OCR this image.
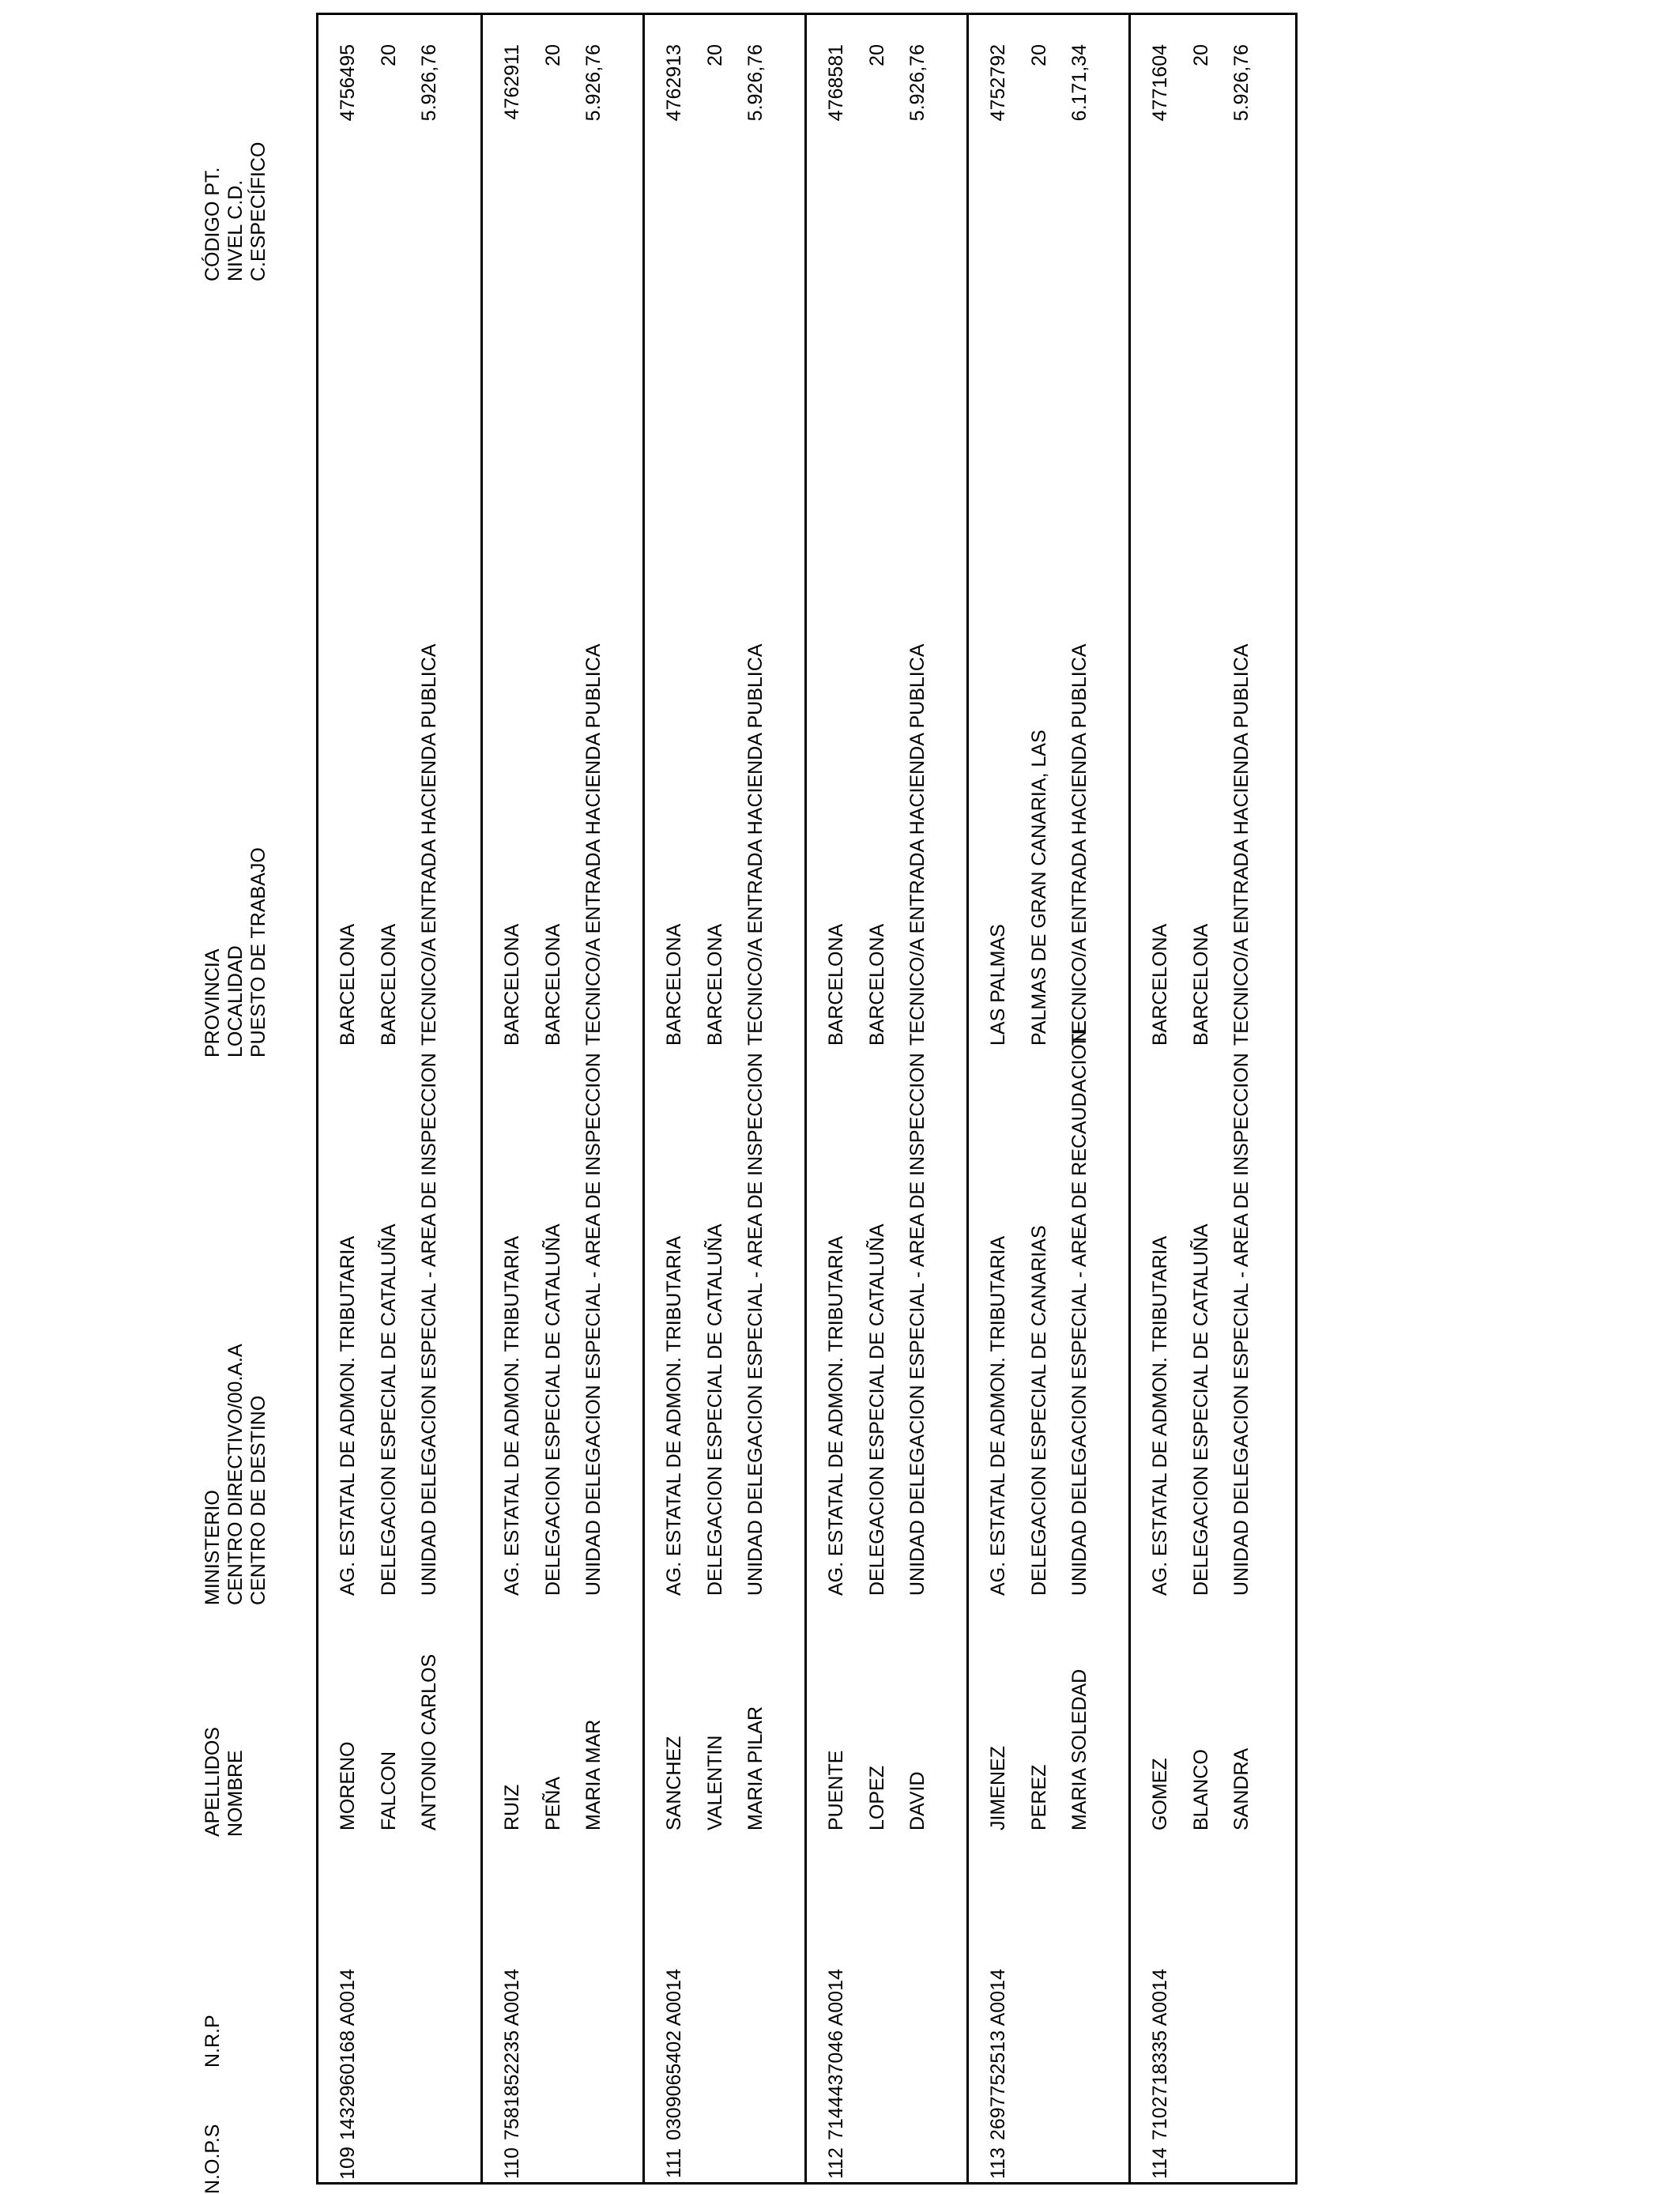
N.O.P.S
N.R.P
APELLIDOS NOMBRE
MINISTERIO CENTRO DIRECTIVO/00.A.A CENTRO DE DESTINO
PROVINCIA LOCALIDAD PUESTO DE TRABAJO
CÓDIGO PT. NIVEL C.D. C.ESPECÍFICO
109
1432960168 A0014
MORENO FALCON ANTONIO CARLOS
AG. ESTATAL DE ADMON. TRIBUTARIA DELEGACION ESPECIAL DE CATALUÑA UNIDAD DELEGACION ESPECIAL - AREA DE INSPECCION
BARCELONA BARCELONA TECNICO/A ENTRADA HACIENDA PUBLICA
4756495 20 5.926,76
110
7581852235 A0014
RUIZ PEÑA MARIA MAR
AG. ESTATAL DE ADMON. TRIBUTARIA DELEGACION ESPECIAL DE CATALUÑA UNIDAD DELEGACION ESPECIAL - AREA DE INSPECCION
BARCELONA BARCELONA TECNICO/A ENTRADA HACIENDA PUBLICA
4762911 20 5.926,76
111
0309065402 A0014
SANCHEZ VALENTIN MARIA PILAR
AG. ESTATAL DE ADMON. TRIBUTARIA DELEGACION ESPECIAL DE CATALUÑA UNIDAD DELEGACION ESPECIAL - AREA DE INSPECCION
BARCELONA BARCELONA TECNICO/A ENTRADA HACIENDA PUBLICA
4762913 20 5.926,76
112
7144437046 A0014
PUENTE LOPEZ DAVID
AG. ESTATAL DE ADMON. TRIBUTARIA DELEGACION ESPECIAL DE CATALUÑA UNIDAD DELEGACION ESPECIAL - AREA DE INSPECCION
BARCELONA BARCELONA TECNICO/A ENTRADA HACIENDA PUBLICA
4768581 20 5.926,76
113
2697752513 A0014
JIMENEZ PEREZ MARIA SOLEDAD
AG. ESTATAL DE ADMON. TRIBUTARIA DELEGACION ESPECIAL DE CANARIAS UNIDAD DELEGACION ESPECIAL - AREA DE RECAUDACION
LAS PALMAS PALMAS DE GRAN CANARIA, LAS TECNICO/A ENTRADA HACIENDA PUBLICA
4752792 20 6.171,34
114
7102718335 A0014
GOMEZ BLANCO SANDRA
AG. ESTATAL DE ADMON. TRIBUTARIA DELEGACION ESPECIAL DE CATALUÑA UNIDAD DELEGACION ESPECIAL - AREA DE INSPECCION
BARCELONA BARCELONA TECNICO/A ENTRADA HACIENDA PUBLICA
4771604 20 5.926,76
